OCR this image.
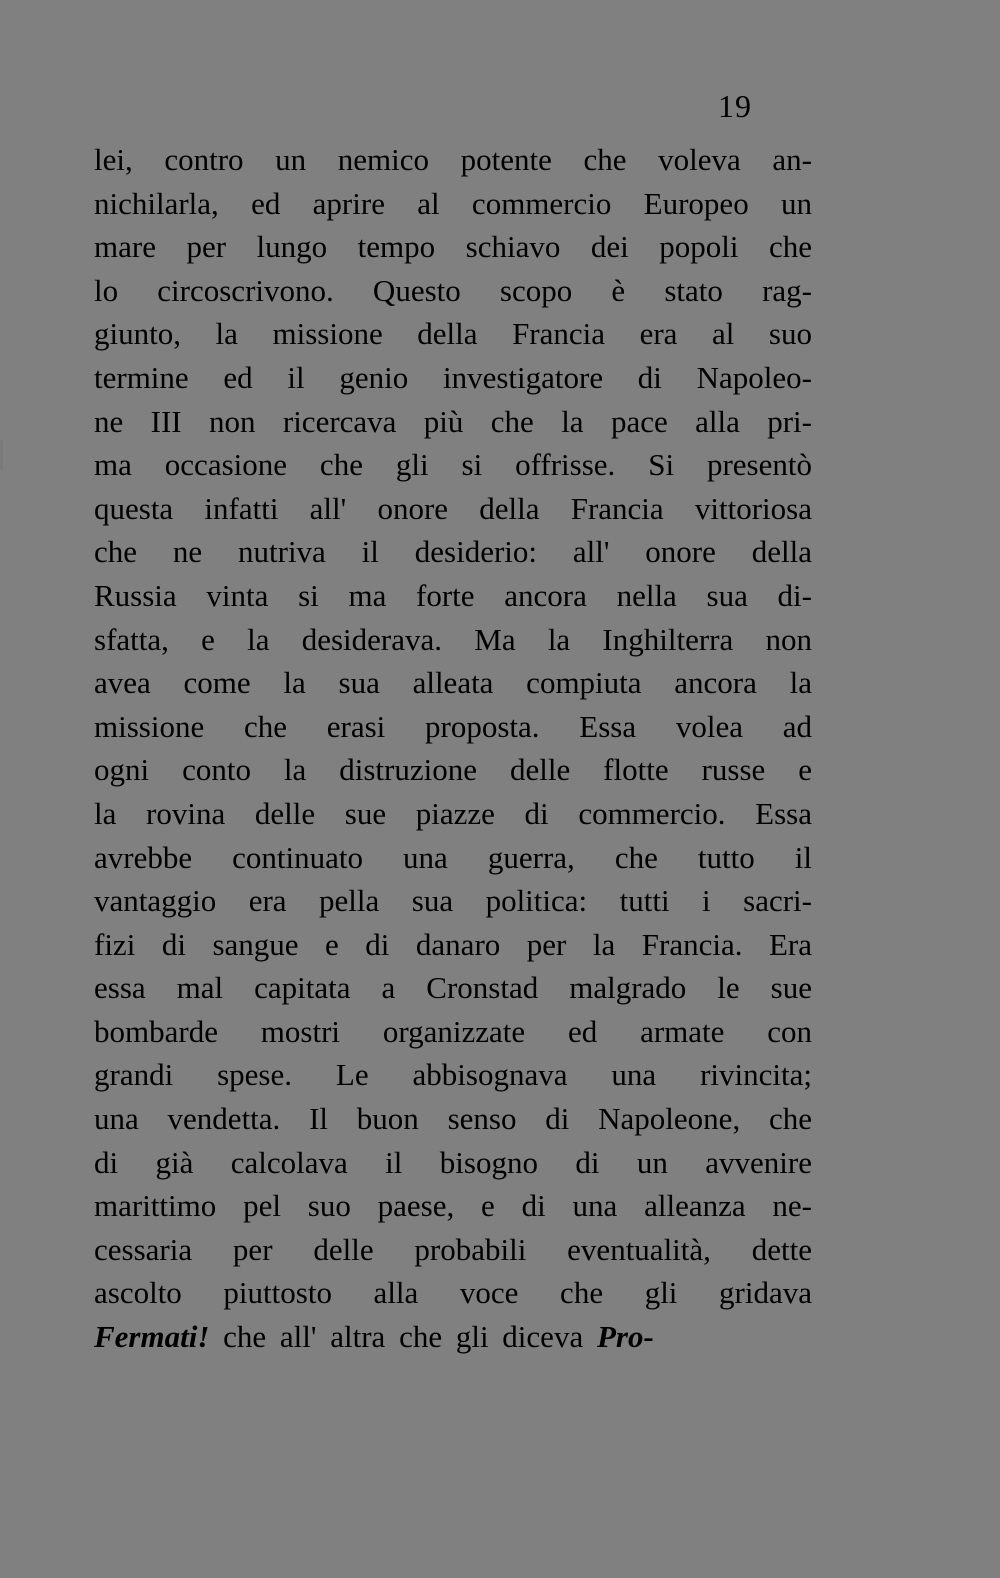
19
lei, contro un nemico potente che voleva an-
nichilarla, ed aprire al commercio Europeo un
mare per lungo tempo schiavo dei popoli che
lo circoscrivono. Questo scopo è stato rag-
giunto, la missione della Francia era al suo
termine ed il genio investigatore di Napoleo-
ne III non ricercava più che la pace alla pri-
ma occasione che gli si offrisse. Si presentò
questa infatti all' onore della Francia vittoriosa
che ne nutriva il desiderio: all' onore della
Russia vinta si ma forte ancora nella sua di-
sfatta, e la desiderava. Ma la Inghilterra non
avea come la sua alleata compiuta ancora la
missione che erasi proposta. Essa volea ad
ogni conto la distruzione delle flotte russe e
la rovina delle sue piazze di commercio. Essa
avrebbe continuato una guerra, che tutto il
vantaggio era pella sua politica: tutti i sacri-
fizi di sangue e di danaro per la Francia. Era
essa mal capitata a Cronstad malgrado le sue
bombarde mostri organizzate ed armate con
grandi spese. Le abbisognava una rivincita;
una vendetta. Il buon senso di Napoleone, che
di già calcolava il bisogno di un avvenire
marittimo pel suo paese, e di una alleanza ne-
cessaria per delle probabili eventualità, dette
ascolto piuttosto alla voce che gli gridava
Fermati! che all' altra che gli diceva Pro-
